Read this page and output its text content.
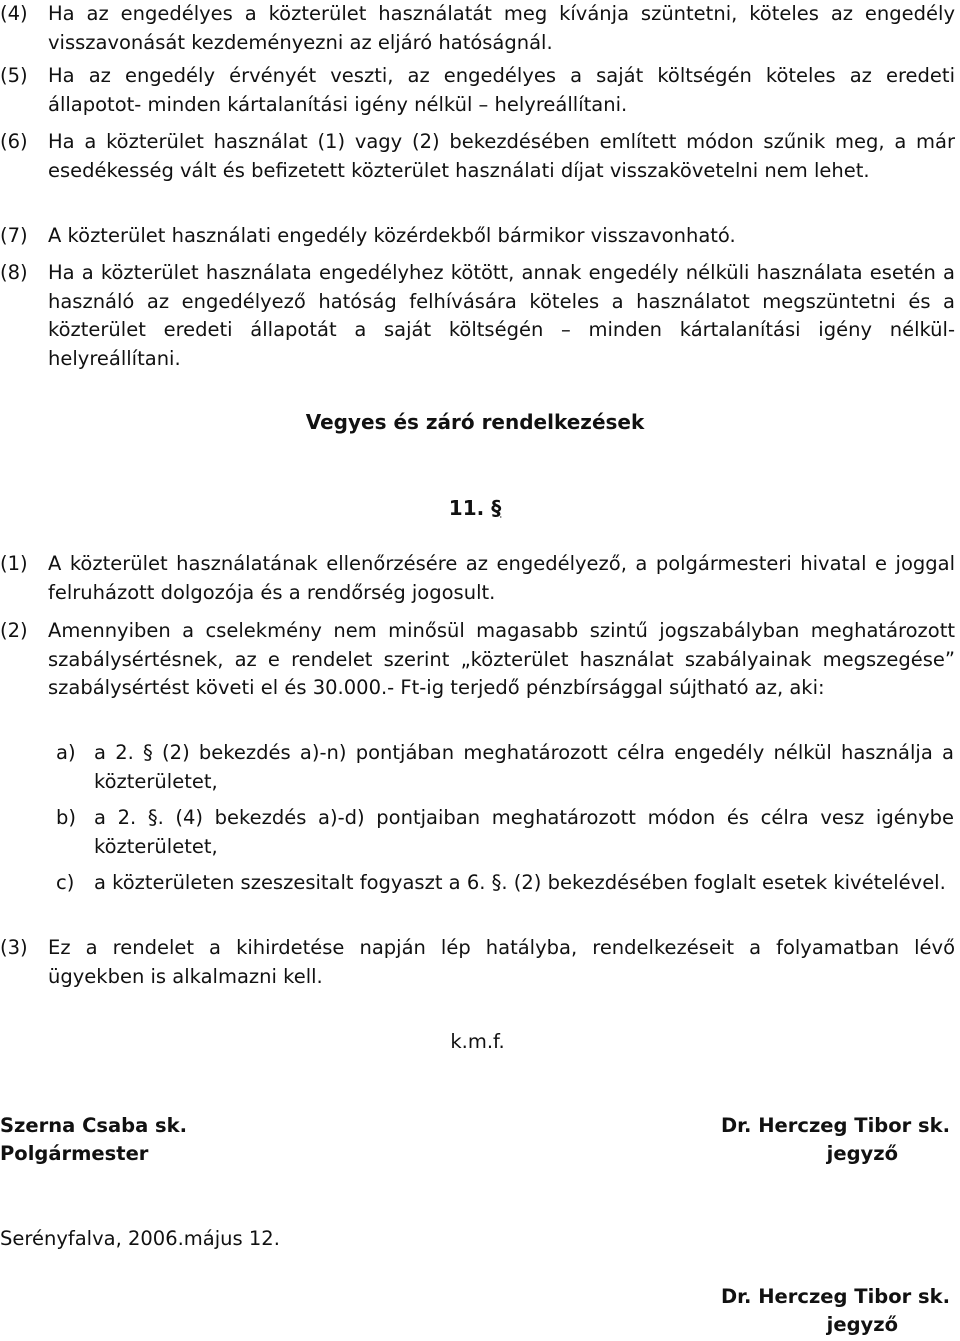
(4) Ha az engedélyes a közterület használatát meg kívánja szüntetni, köteles az engedély visszavonását kezdeményezni az eljáró hatóságnál.
(5) Ha az engedély érvényét veszti, az engedélyes a saját költségén köteles az eredeti állapotot- minden kártalanítási igény nélkül – helyreállítani.
(6) Ha a közterület használat (1) vagy (2) bekezdésében említett módon szűnik meg, a már esedékesség vált és befizetett közterület használati díjat visszakövetelni nem lehet.
(7) A közterület használati engedély közérdekből bármikor visszavonható.
(8) Ha a közterület használata engedélyhez kötött, annak engedély nélküli használata esetén a használó az engedélyező hatóság felhívására köteles a használatot megszüntetni és a közterület eredeti állapotát a saját költségén – minden kártalanítási igény nélkül- helyreállítani.
Vegyes és záró rendelkezések
11. §
(1) A közterület használatának ellenőrzésére az engedélyező, a polgármesteri hivatal e joggal felruházott dolgozója és a rendőrség jogosult.
(2) Amennyiben a cselekmény nem minősül magasabb szintű jogszabályban meghatározott szabálysértésnek, az e rendelet szerint „közterület használat szabályainak megszegése” szabálysértést követi el és 30.000.- Ft-ig terjedő pénzbírsággal sújtható az, aki:
a) a 2. § (2) bekezdés a)-n) pontjában meghatározott célra engedély nélkül használja a közterületet,
b) a 2. §. (4) bekezdés a)-d) pontjaiban meghatározott módon és célra vesz igénybe közterületet,
c) a közterületen szeszesitalt fogyaszt a 6. §. (2) bekezdésében foglalt esetek kivételével.
(3) Ez a rendelet a kihirdetése napján lép hatályba, rendelkezéseit a folyamatban lévő ügyekben is alkalmazni kell.
k.m.f.
Szerna Csaba sk.
Polgármester
Dr. Herczeg Tibor sk.
jegyző
Serényfalva, 2006.május 12.
Dr. Herczeg Tibor sk.
jegyző
